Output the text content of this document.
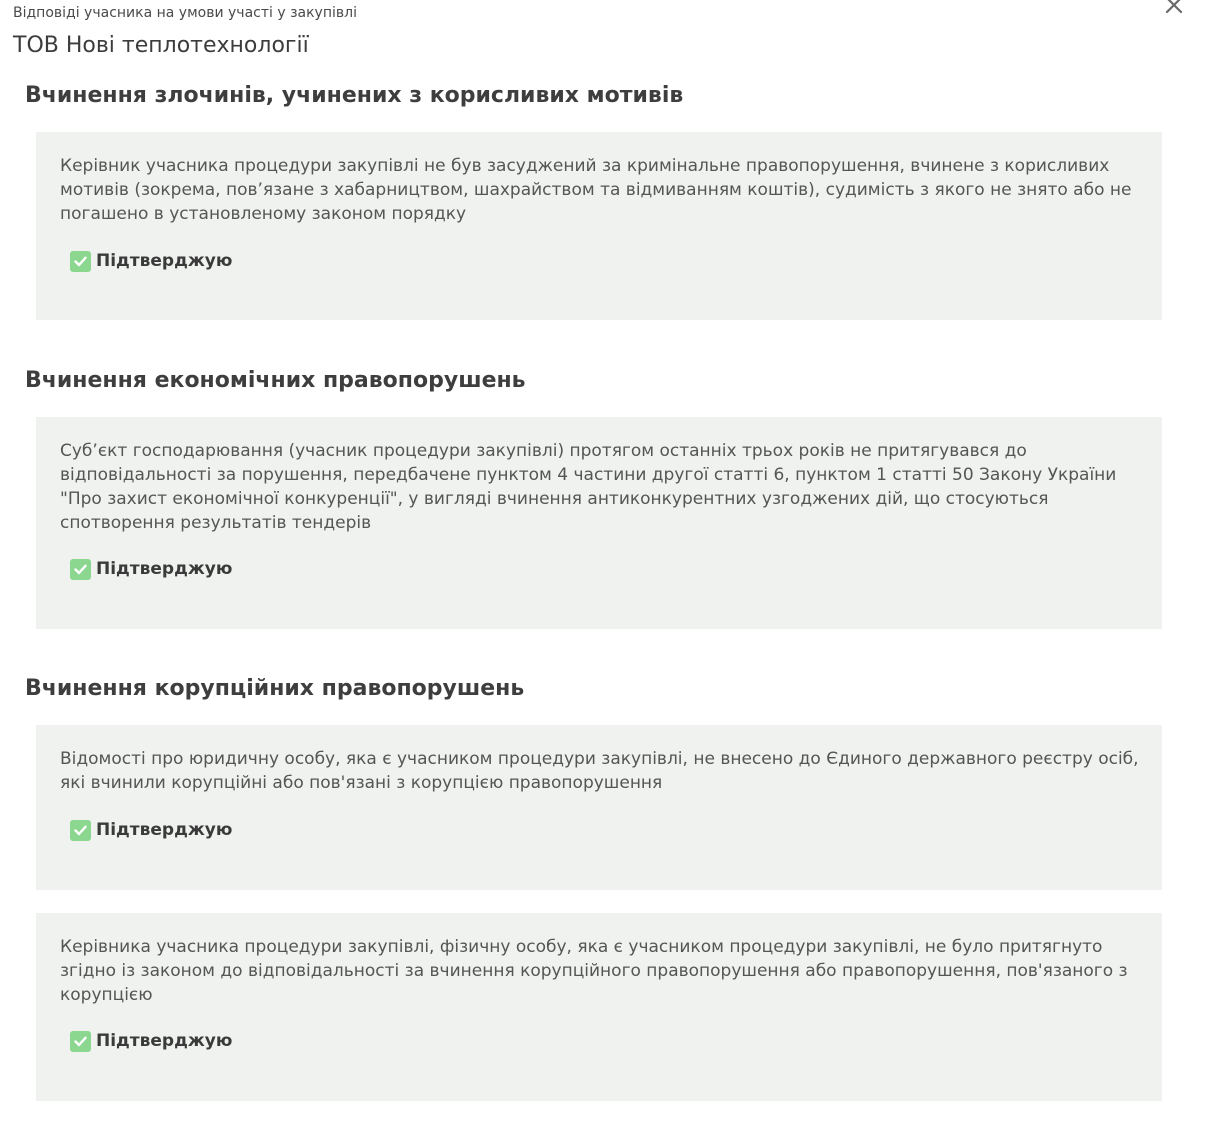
Відповіді учасника на умови участі у закупівлі
ТОВ Нові теплотехнології
Вчинення злочинів, учинених з корисливих мотивів
Керівник учасника процедури закупівлі не був засуджений за кримінальне правопорушення, вчинене з корисливих мотивів (зокрема, пов’язане з хабарництвом, шахрайством та відмиванням коштів), судимість з якого не знято або не погашено в установленому законом порядку
Підтверджую
Вчинення економічних правопорушень
Суб’єкт господарювання (учасник процедури закупівлі) протягом останніх трьох років не притягувався до відповідальності за порушення, передбачене пунктом 4 частини другої статті 6, пунктом 1 статті 50 Закону України "Про захист економічної конкуренції", у вигляді вчинення антиконкурентних узгоджених дій, що стосуються спотворення результатів тендерів
Підтверджую
Вчинення корупційних правопорушень
Відомості про юридичну особу, яка є учасником процедури закупівлі, не внесено до Єдиного державного реєстру осіб, які вчинили корупційні або пов'язані з корупцією правопорушення
Підтверджую
Керівника учасника процедури закупівлі, фізичну особу, яка є учасником процедури закупівлі, не було притягнуто згідно із законом до відповідальності за вчинення корупційного правопорушення або правопорушення, пов'язаного з корупцією
Підтверджую
